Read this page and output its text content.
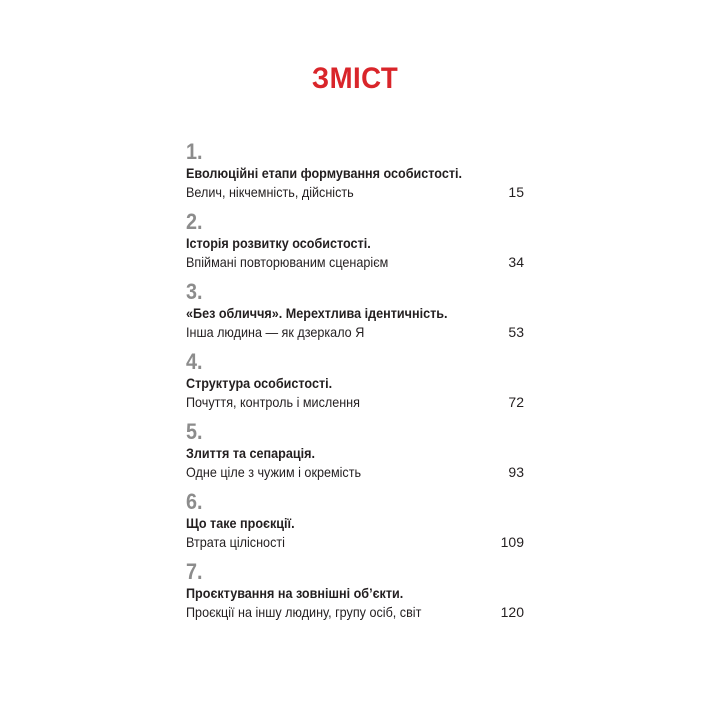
ЗМІСТ
1.
Еволюційні етапи формування особистості.
Велич, нікчемність, дійсність	15
2.
Історія розвитку особистості.
Впіймані повторюваним сценарієм	34
3.
«Без обличчя». Мерехтлива ідентичність.
Інша людина — як дзеркало Я	53
4.
Структура особистості.
Почуття, контроль і мислення	72
5.
Злиття та сепарація.
Одне ціле з чужим і окремість	93
6.
Що таке проєкції.
Втрата цілісності	109
7.
Проєктування на зовнішні об’єкти.
Проєкції на іншу людину, групу осіб, світ	120
